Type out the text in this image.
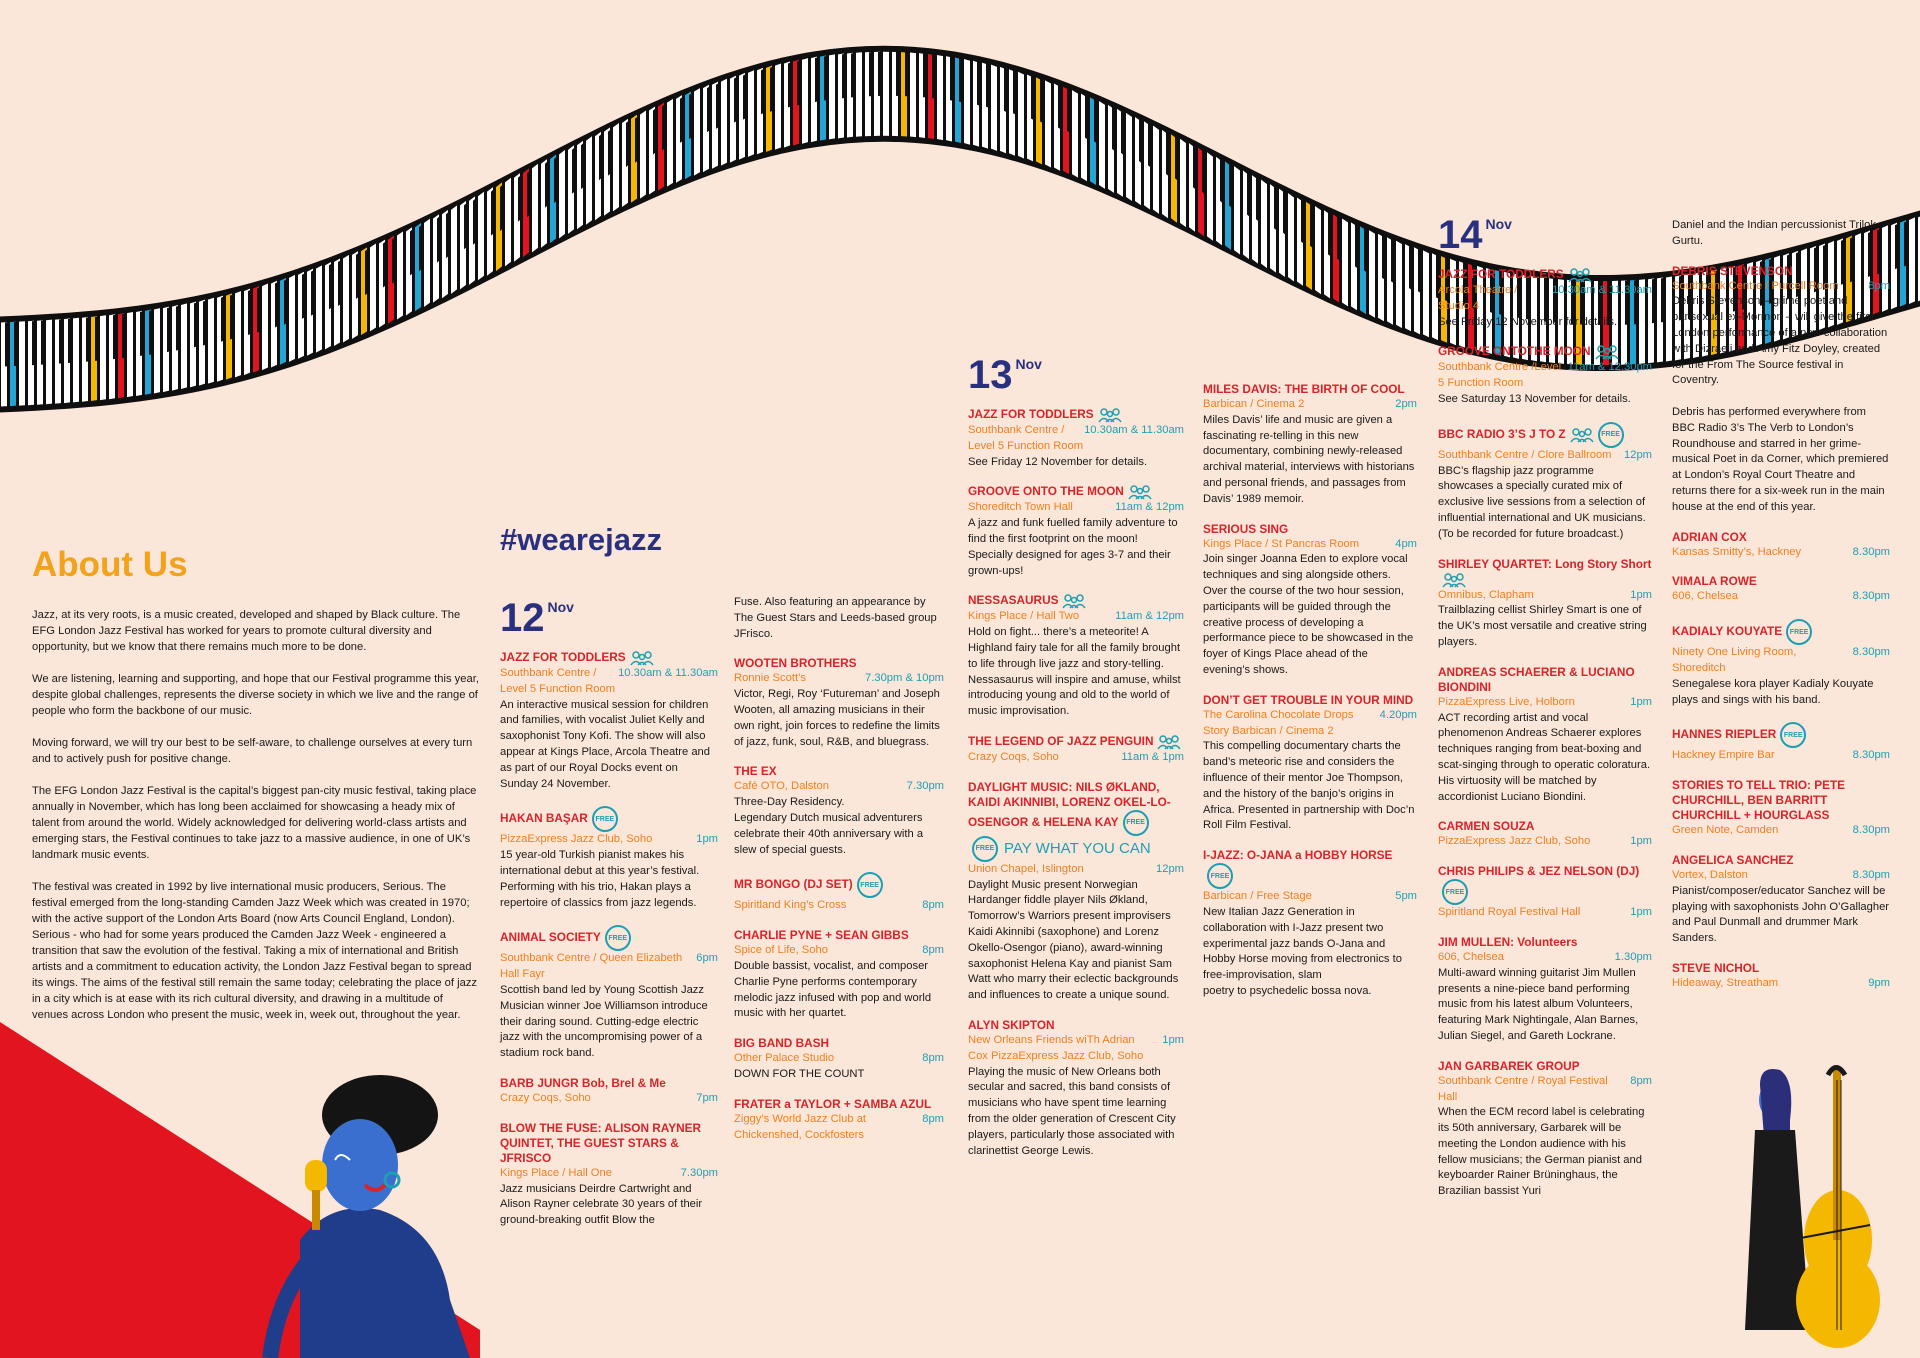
About Us

Jazz, at its very roots, is a music created, developed and shaped by Black culture. The EFG London Jazz Festival has worked for years to promote cultural diversity and opportunity, but we know that there remains much more to be done.

We are listening, learning and supporting, and hope that our Festival programme this year, despite global challenges, represents the diverse society in which we live and the range of people who form the backbone of our music.

Moving forward, we will try our best to be self-aware, to challenge ourselves at every turn and to actively push for positive change.

The EFG London Jazz Festival is the capital’s biggest pan-city music festival, taking place annually in November, which has long been acclaimed for showcasing a heady mix of talent from around the world. Widely acknowledged for delivering world-class artists and emerging stars, the Festival continues to take jazz to a massive audience, in one of UK’s landmark music events.

The festival was created in 1992 by live international music producers, Serious. The festival emerged from the long-standing Camden Jazz Week which was created in 1970; with the active support of the London Arts Board (now Arts Council England, London). Serious - who had for some years produced the Camden Jazz Week - engineered a transition that saw the evolution of the festival. Taking a mix of international and British artists and a commitment to education activity, the London Jazz Festival began to spread its wings. The aims of the festival still remain the same today; celebrating the place of jazz in a city which is at ease with its rich cultural diversity, and drawing in a multitude of venues across London who present the music, week in, week out, throughout the year.

#wearejazz
12 Nov
JAZZ FOR TODDLERS
10.30am & 11.30am
Southbank Centre / Level 5 Function Room
An interactive musical session for children and families, with vocalist Juliet Kelly and saxophonist Tony Kofi. The show will also appear at Kings Place, Arcola Theatre and as part of our Royal Docks event on Sunday 24 November.
HAKAN BAŞAR FREE
1pm
PizzaExpress Jazz Club, Soho
15 year-old Turkish pianist makes his international debut at this year’s festival. Performing with his trio, Hakan plays a repertoire of classics from jazz legends.
ANIMAL SOCIETY FREE
6pm
Southbank Centre / Queen Elizabeth Hall Fayr
Scottish band led by Young Scottish Jazz Musician winner Joe Williamson introduce their daring sound. Cutting-edge electric jazz with the uncompromising power of a stadium rock band.
BARB JUNGR Bob, Brel & Me
7pm
Crazy Coqs, Soho
BLOW THE FUSE: ALISON RAYNER QUINTET, THE GUEST STARS & JFRISCO
7.30pm
Kings Place / Hall One
Jazz musicians Deirdre Cartwright and Alison Rayner celebrate 30 years of their ground-breaking outfit Blow the
Fuse. Also featuring an appearance by The Guest Stars and Leeds-based group JFrisco.
WOOTEN BROTHERS
7.30pm & 10pm
Ronnie Scott’s
Victor, Regi, Roy ‘Futureman’ and Joseph Wooten, all amazing musicians in their own right, join forces to redefine the limits of jazz, funk, soul, R&B, and bluegrass.
THE EX
7.30pm
Café OTO, Dalston
Three-Day Residency.
Legendary Dutch musical adventurers celebrate their 40th anniversary with a slew of special guests.
MR BONGO (DJ SET) FREE
8pm
Spiritland King’s Cross
CHARLIE PYNE + SEAN GIBBS
8pm
Spice of Life, Soho
Double bassist, vocalist, and composer Charlie Pyne performs contemporary melodic jazz infused with pop and world music with her quartet.
BIG BAND BASH
8pm
Other Palace Studio
DOWN FOR THE COUNT
FRATER a TAYLOR + SAMBA AZUL
8pm
Ziggy’s World Jazz Club at Chickenshed, Cockfosters
13 Nov
JAZZ FOR TODDLERS
10.30am & 11.30am
Southbank Centre / Level 5 Function Room
See Friday 12 November for details.
GROOVE ONTO THE MOON
11am & 12pm
Shoreditch Town Hall
A jazz and funk fuelled family adventure to find the first footprint on the moon! Specially designed for ages 3-7 and their grown-ups!
NESSASAURUS
11am & 12pm
Kings Place / Hall Two
Hold on fight... there’s a meteorite! A Highland fairy tale for all the family brought to life through live jazz and story-telling. Nessasaurus will inspire and amuse, whilst introducing young and old to the world of music improvisation.
THE LEGEND OF JAZZ PENGUIN
11am & 1pm
Crazy Coqs, Soho
DAYLIGHT MUSIC: NILS ØKLAND, KAIDI AKINNIBI, LORENZ OKEL-LO-OSENGOR & HELENA KAY FREE
FREE PAY WHAT YOU CAN
12pm
Union Chapel, Islington
Daylight Music present Norwegian Hardanger fiddle player Nils Økland, Tomorrow’s Warriors present improvisers Kaidi Akinnibi (saxophone) and Lorenz Okello-Osengor (piano), award-winning saxophonist Helena Kay and pianist Sam Watt who marry their eclectic backgrounds and influences to create a unique sound.
ALYN SKIPTON
1pm
New Orleans Friends wiTh Adrian Cox PizzaExpress Jazz Club, Soho
Playing the music of New Orleans both secular and sacred, this band consists of musicians who have spent time learning from the older generation of Crescent City players, particularly those associated with clarinettist George Lewis.
MILES DAVIS: THE BIRTH OF COOL
2pm
Barbican / Cinema 2
Miles Davis’ life and music are given a fascinating re-telling in this new documentary, combining newly-released archival material, interviews with historians and personal friends, and passages from Davis’ 1989 memoir.
SERIOUS SING
4pm
Kings Place / St Pancras Room
Join singer Joanna Eden to explore vocal techniques and sing alongside others. Over the course of the two hour session, participants will be guided through the creative process of developing a performance piece to be showcased in the foyer of Kings Place ahead of the evening’s shows.
DON’T GET TROUBLE IN YOUR MIND
4.20pm
The Carolina Chocolate Drops Story Barbican / Cinema 2
This compelling documentary charts the band’s meteoric rise and considers the influence of their mentor Joe Thompson, and the history of the banjo’s origins in Africa. Presented in partnership with Doc’n Roll Film Festival.
I-JAZZ: O-JANA a HOBBY HORSEFREE
5pm
Barbican / Free Stage
New Italian Jazz Generation in collaboration with I-Jazz present two experimental jazz bands O-Jana and Hobby Horse moving from electronics to free-improvisation, slam
poetry to psychedelic bossa nova.
14 Nov
JAZZ FOR TODDLERS
10.30am & 11.30am
Arcola Theatre / Studio 4
See Friday 12 November for details.
GROOVE ONTOTHE MOON
11am & 12.30pm
Southbank Centre /Level 5 Function Room
See Saturday 13 November for details.
BBC RADIO 3’S J TO Z	FREE
12pm
Southbank Centre / Clore Ballroom
BBC’s flagship jazz programme showcases a specially curated mix of exclusive live sessions from a selection of influential international and UK musicians.
(To be recorded for future broadcast.)
SHIRLEY QUARTET: Long Story Short
1pm
Omnibus, Clapham
Trailblazing cellist Shirley Smart is one of the UK’s most versatile and creative string players.
ANDREAS SCHAERER & LUCIANO BIONDINI
1pm
PizzaExpress Live, Holborn
ACT recording artist and vocal phenomenon Andreas Schaerer explores techniques ranging from beat-boxing and scat-singing through to operatic coloratura. His virtuosity will be matched by accordionist Luciano Biondini.
CARMEN SOUZA
1pm
PizzaExpress Jazz Club, Soho
CHRIS PHILIPS & JEZ NELSON (DJ)FREE
1pm
Spiritland Royal Festival Hall
JIM MULLEN: Volunteers
1.30pm
606, Chelsea
Multi-award winning guitarist Jim Mullen presents a nine-piece band performing music from his latest album Volunteers, featuring Mark Nightingale, Alan Barnes, Julian Siegel, and Gareth Lockrane.
JAN GARBAREK GROUP
8pm
Southbank Centre / Royal Festival Hall
When the ECM record label is celebrating its 50th anniversary, Garbarek will be meeting the London audience with his fellow musicians; the German pianist and keyboarder Rainer Brüninghaus, the Brazilian bassist Yuri
Daniel and the Indian percussionist Trilok Gurtu.
DEBRIS STEVENSON
8pm
Southbank Centre / Purcell Room
Debris Stevenson – grime poet and pansexual ex-Mormon – will give the first London performance of a new collaboration with Dizraeli and Amy Fitz Doyley, created for the From The Source festival in Coventry.

Debris has performed everywhere from BBC Radio 3’s The Verb to London’s Roundhouse and starred in her grime-musical Poet in da Corner, which premiered at London’s Royal Court Theatre and returns there for a six-week run in the main house at the end of this year.
ADRIAN COX
8.30pm
Kansas Smitty’s, Hackney
VIMALA ROWE
8.30pm
606, Chelsea
KADIALY KOUYATE FREE
8.30pm
Ninety One Living Room, Shoreditch
Senegalese kora player Kadialy Kouyate plays and sings with his band.
HANNES RIEPLER FREE
8.30pm
Hackney Empire Bar
STORIES TO TELL TRIO: PETE CHURCHILL, BEN BARRITT CHURCHILL + HOURGLASS
8.30pm
Green Note, Camden
ANGELICA SANCHEZ
8.30pm
Vortex, Dalston
Pianist/composer/educator Sanchez will be playing with saxophonists John O’Gallagher and Paul Dunmall and drummer Mark Sanders.
STEVE NICHOL
9pm
Hideaway, Streatham
